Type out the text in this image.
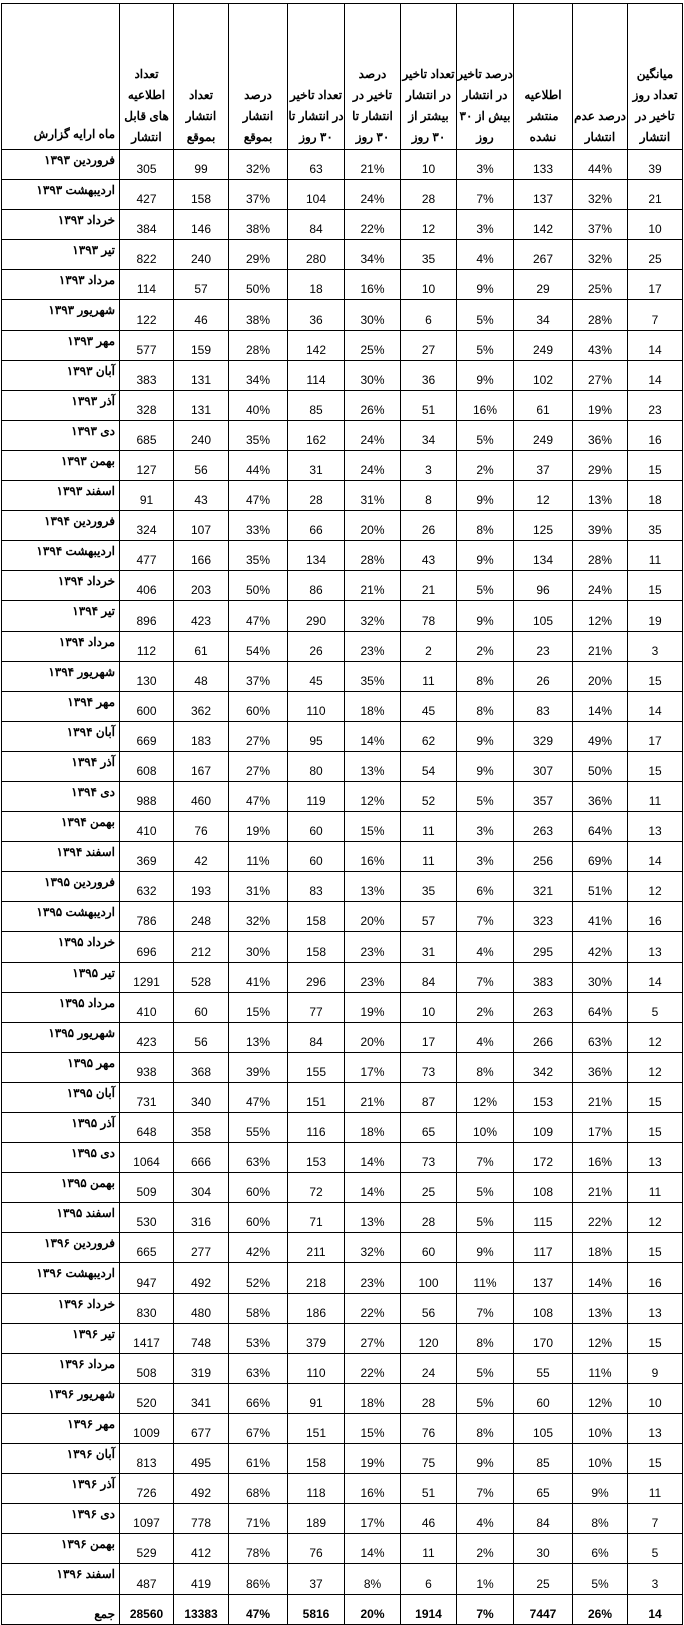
ماه ارایه گزارش	تعداد اطلاعیه های قابل انتشار	تعداد انتشار بموقع	درصد انتشار بموقع	تعداد تاخیر در انتشار تا ۳۰ روز	درصد تاخیر در انتشار تا ۳۰ روز	تعداد تاخیر در انتشار بیشتر از ۳۰ روز	درصد تاخیر در انتشار بیش از ۳۰ روز	اطلاعیه منتشر نشده	درصد عدم انتشار	میانگین تعداد روز تاخیر در انتشار
فروردین ۱۳۹۳	305	99	32%	63	21%	10	3%	133	44%	39
اردیبهشت ۱۳۹۳	427	158	37%	104	24%	28	7%	137	32%	21
خرداد ۱۳۹۳	384	146	38%	84	22%	12	3%	142	37%	10
تیر ۱۳۹۳	822	240	29%	280	34%	35	4%	267	32%	25
مرداد ۱۳۹۳	114	57	50%	18	16%	10	9%	29	25%	17
شهریور ۱۳۹۳	122	46	38%	36	30%	6	5%	34	28%	7
مهر ۱۳۹۳	577	159	28%	142	25%	27	5%	249	43%	14
آبان ۱۳۹۳	383	131	34%	114	30%	36	9%	102	27%	14
آذر ۱۳۹۳	328	131	40%	85	26%	51	16%	61	19%	23
دی ۱۳۹۳	685	240	35%	162	24%	34	5%	249	36%	16
بهمن ۱۳۹۳	127	56	44%	31	24%	3	2%	37	29%	15
اسفند ۱۳۹۳	91	43	47%	28	31%	8	9%	12	13%	18
فروردین ۱۳۹۴	324	107	33%	66	20%	26	8%	125	39%	35
اردیبهشت ۱۳۹۴	477	166	35%	134	28%	43	9%	134	28%	11
خرداد ۱۳۹۴	406	203	50%	86	21%	21	5%	96	24%	15
تیر ۱۳۹۴	896	423	47%	290	32%	78	9%	105	12%	19
مرداد ۱۳۹۴	112	61	54%	26	23%	2	2%	23	21%	3
شهریور ۱۳۹۴	130	48	37%	45	35%	11	8%	26	20%	15
مهر ۱۳۹۴	600	362	60%	110	18%	45	8%	83	14%	14
آبان ۱۳۹۴	669	183	27%	95	14%	62	9%	329	49%	17
آذر ۱۳۹۴	608	167	27%	80	13%	54	9%	307	50%	15
دی ۱۳۹۴	988	460	47%	119	12%	52	5%	357	36%	11
بهمن ۱۳۹۴	410	76	19%	60	15%	11	3%	263	64%	13
اسفند ۱۳۹۴	369	42	11%	60	16%	11	3%	256	69%	14
فروردین ۱۳۹۵	632	193	31%	83	13%	35	6%	321	51%	12
اردیبهشت ۱۳۹۵	786	248	32%	158	20%	57	7%	323	41%	16
خرداد ۱۳۹۵	696	212	30%	158	23%	31	4%	295	42%	13
تیر ۱۳۹۵	1291	528	41%	296	23%	84	7%	383	30%	14
مرداد ۱۳۹۵	410	60	15%	77	19%	10	2%	263	64%	5
شهریور ۱۳۹۵	423	56	13%	84	20%	17	4%	266	63%	12
مهر ۱۳۹۵	938	368	39%	155	17%	73	8%	342	36%	12
آبان ۱۳۹۵	731	340	47%	151	21%	87	12%	153	21%	15
آذر ۱۳۹۵	648	358	55%	116	18%	65	10%	109	17%	15
دی ۱۳۹۵	1064	666	63%	153	14%	73	7%	172	16%	13
بهمن ۱۳۹۵	509	304	60%	72	14%	25	5%	108	21%	11
اسفند ۱۳۹۵	530	316	60%	71	13%	28	5%	115	22%	12
فروردین ۱۳۹۶	665	277	42%	211	32%	60	9%	117	18%	15
اردیبهشت ۱۳۹۶	947	492	52%	218	23%	100	11%	137	14%	16
خرداد ۱۳۹۶	830	480	58%	186	22%	56	7%	108	13%	13
تیر ۱۳۹۶	1417	748	53%	379	27%	120	8%	170	12%	15
مرداد ۱۳۹۶	508	319	63%	110	22%	24	5%	55	11%	9
شهریور ۱۳۹۶	520	341	66%	91	18%	28	5%	60	12%	10
مهر ۱۳۹۶	1009	677	67%	151	15%	76	8%	105	10%	13
آبان ۱۳۹۶	813	495	61%	158	19%	75	9%	85	10%	15
آذر ۱۳۹۶	726	492	68%	118	16%	51	7%	65	9%	11
دی ۱۳۹۶	1097	778	71%	189	17%	46	4%	84	8%	7
بهمن ۱۳۹۶	529	412	78%	76	14%	11	2%	30	6%	5
اسفند ۱۳۹۶	487	419	86%	37	8%	6	1%	25	5%	3
جمع	28560	13383	47%	5816	20%	1914	7%	7447	26%	14
